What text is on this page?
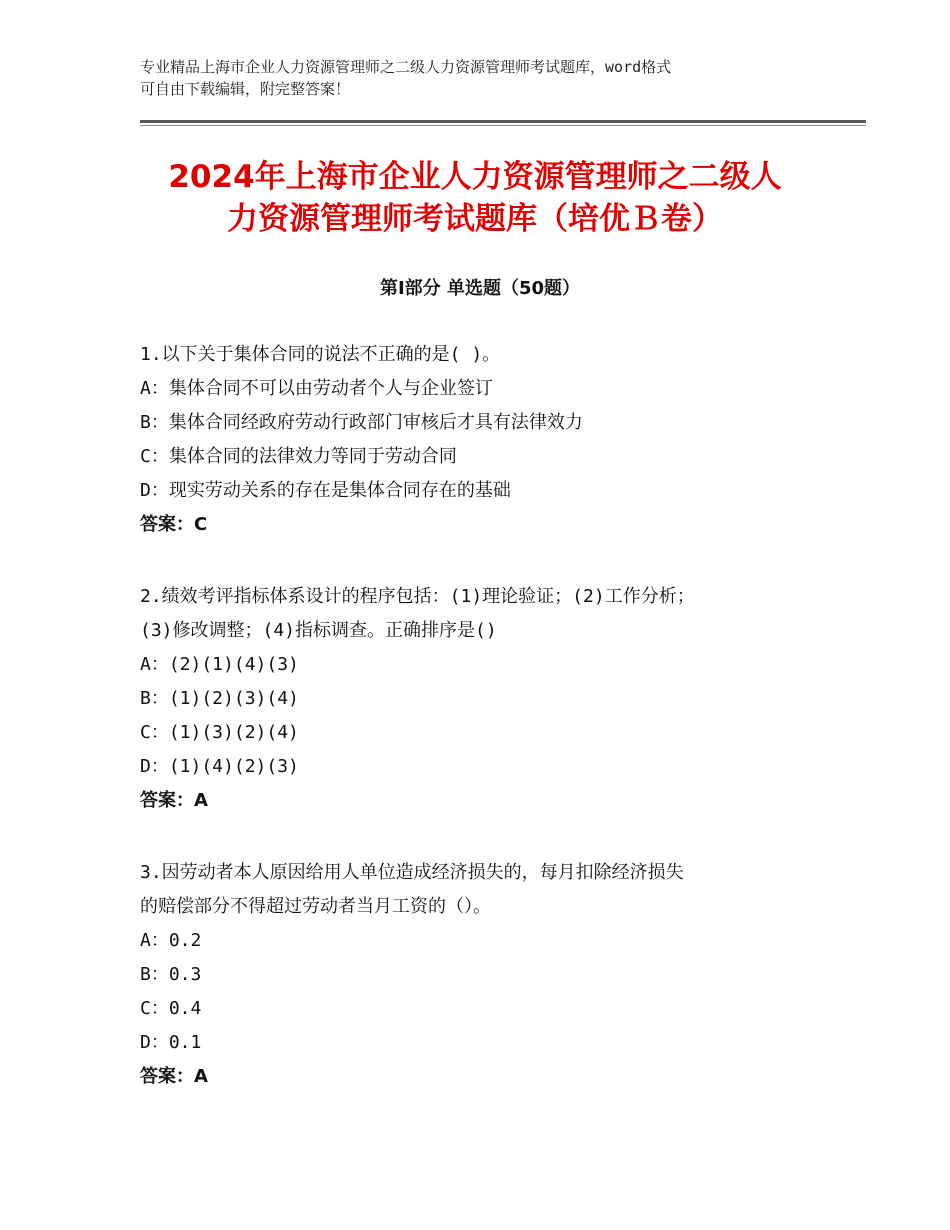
专业精品上海市企业人力资源管理师之二级人力资源管理师考试题库，word格式
可自由下载编辑，附完整答案！
2024年上海市企业人力资源管理师之二级人
力资源管理师考试题库（培优Ｂ卷）
第Ⅰ部分 单选题（50题）
1.以下关于集体合同的说法不正确的是( )。
A：集体合同不可以由劳动者个人与企业签订
B：集体合同经政府劳动行政部门审核后才具有法律效力
C：集体合同的法律效力等同于劳动合同
D：现实劳动关系的存在是集体合同存在的基础
答案：C
2.绩效考评指标体系设计的程序包括：(1)理论验证；(2)工作分析；
(3)修改调整；(4)指标调查。正确排序是()
A：(2)(1)(4)(3)
B：(1)(2)(3)(4)
C：(1)(3)(2)(4)
D：(1)(4)(2)(3)
答案：A
3.因劳动者本人原因给用人单位造成经济损失的，每月扣除经济损失
的赔偿部分不得超过劳动者当月工资的（）。
A：0.2
B：0.3
C：0.4
D：0.1
答案：A
